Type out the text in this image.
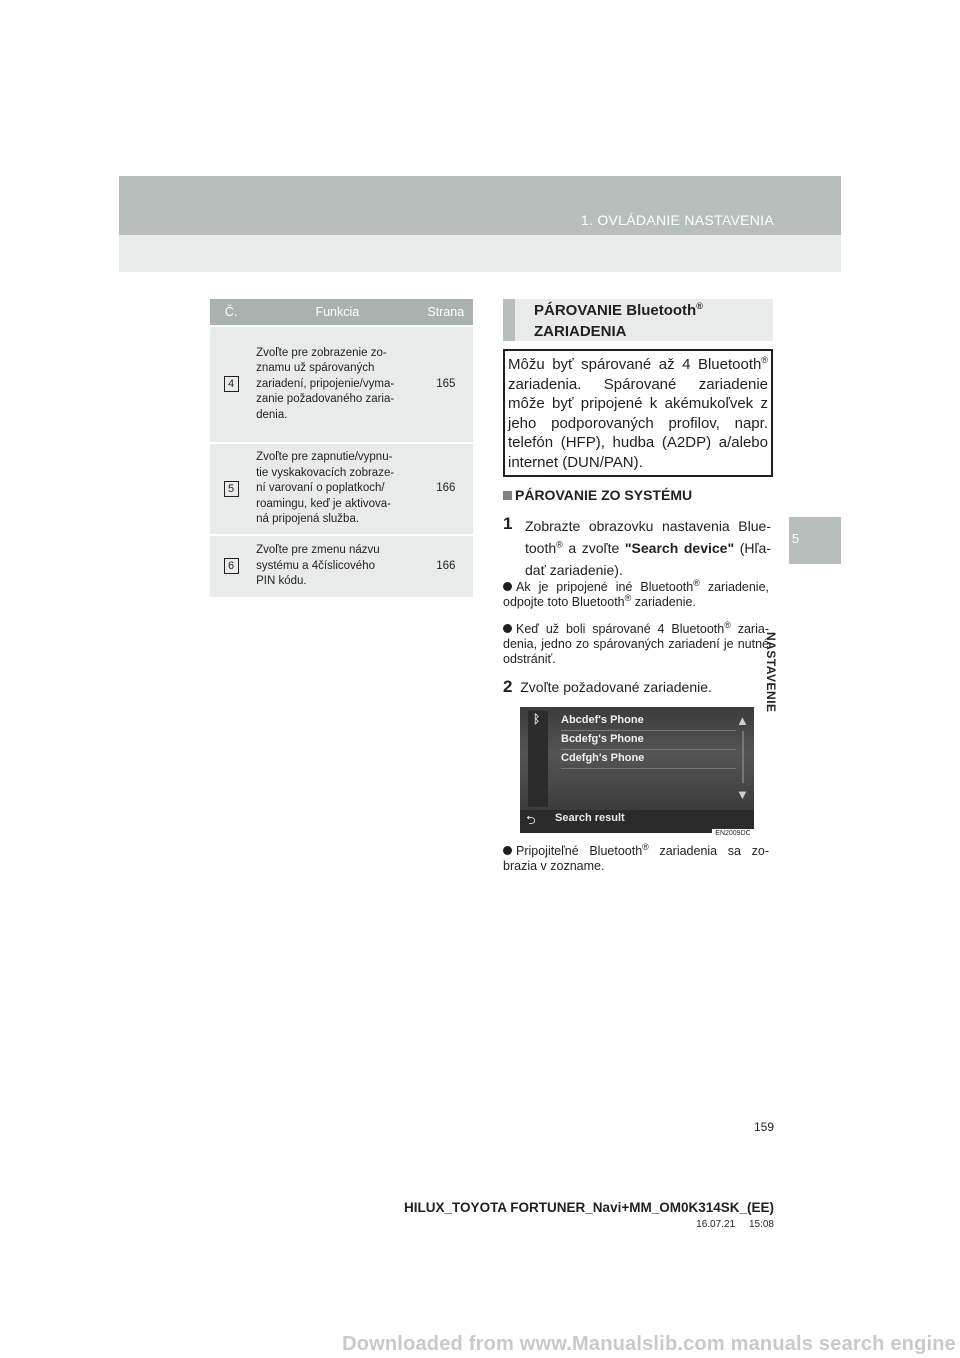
1. OVLÁDANIE NASTAVENIA
5
NASTAVENIE
Č.	Funkcia	Strana
4	Zvoľte pre zobrazenie zo-
znamu už spárovaných
zariadení, pripojenie/vyma-
zanie požadovaného zaria-
denia.	165
5	Zvoľte pre zapnutie/vypnu-
tie vyskakovacích zobraze-
ní varovaní o poplatkoch/
roamingu, keď je aktivova-
ná pripojená služba.	166
6	Zvoľte pre zmenu názvu
systému a 4číslicového
PIN kódu.	166
PÁROVANIE Bluetooth®
ZARIADENIA
Môžu byť spárované až 4 Bluetooth® zariadenia. Spárované zariadenie môže byť pripojené k akémukoľvek z jeho podporovaných profilov, napr. telefón (HFP), hudba (A2DP) a/alebo internet (DUN/PAN).
PÁROVANIE ZO SYSTÉMU
1 Zobrazte obrazovku nastavenia Blue-tooth® a zvoľte "Search device" (Hľa-dať zariadenie).
Ak je pripojené iné Bluetooth® zariadenie, odpojte toto Bluetooth® zariadenie.
Keď už boli spárované 4 Bluetooth® zaria-denia, jedno zo spárovaných zariadení je nutné odstrániť.
2 Zvoľte požadované zariadenie.
ᛒ Abcdef's Phone
Bcdefg's Phone
Cdefgh's Phone
▲
▼
⮌ Search result
EN2009DC
Pripojiteľné Bluetooth® zariadenia sa zo-brazia v zozname.
159
HILUX_TOYOTA FORTUNER_Navi+MM_OM0K314SK_(EE)
16.07.21     15:08
Downloaded from www.Manualslib.com manuals search engine
